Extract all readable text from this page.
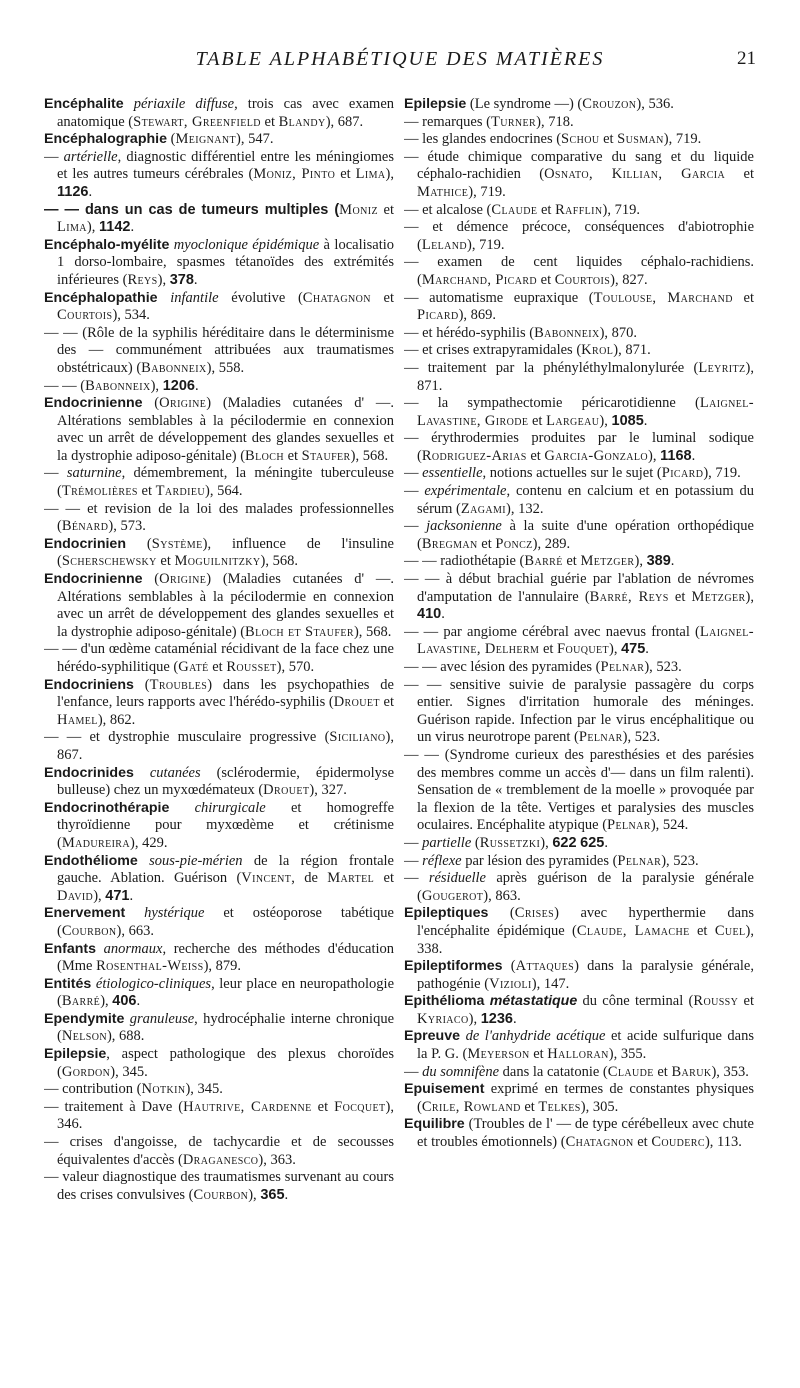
TABLE ALPHABÉTIQUE DES MATIÈRES	21

Encéphalite périaxile diffuse, trois cas avec examen anatomique (Stewart, Greenfield et Blandy), 687.

Encéphalographie (Meignant), 547.

— artérielle, diagnostic différentiel entre les méningiomes et les autres tumeurs cérébrales (Moniz, Pinto et Lima), 1126.

— — dans un cas de tumeurs multiples (Moniz et Lima), 1142.

Encéphalo-myélite myoclonique épidémique à localisatio 1 dorso-lombaire, spasmes tétanoïdes des extrémités inférieures (Reys), 378.

Encéphalopathie infantile évolutive (Chatagnon et Courtois), 534.

— — (Rôle de la syphilis héréditaire dans le déterminisme des — communément attribuées aux traumatismes obstétricaux) (Babonneix), 558.

— — (Babonneix), 1206.

Endocrinienne (Origine) (Maladies cutanées d' —. Altérations semblables à la pécilodermie en connexion avec un arrêt de développement des glandes sexuelles et la dystrophie adiposo-génitale) (Bloch et Staufer), 568.

— saturnine, démembrement, la méningite tuberculeuse (Trémolières et Tardieu), 564.

— — et revision de la loi des malades professionnelles (Bénard), 573.

Endocrinien (Système), influence de l'insuline (Scherschewsky et Moguilnitzky), 568.

Endocrinienne (Origine) (Maladies cutanées d' —. Altérations semblables à la pécilodermie en connexion avec un arrêt de développement des glandes sexuelles et la dystrophie adiposo-génitale) (Bloch et Staufer), 568.

— — d'un œdème cataménial récidivant de la face chez une hérédo-syphilitique (Gaté et Rousset), 570.

Endocriniens (Troubles) dans les psychopathies de l'enfance, leurs rapports avec l'hérédo-syphilis (Drouet et Hamel), 862.

— — et dystrophie musculaire progressive (Siciliano), 867.

Endocrinides cutanées (sclérodermie, épidermolyse bulleuse) chez un myxœdémateux (Drouet), 327.

Endocrinothérapie chirurgicale et homogreffe thyroïdienne pour myxœdème et crétinisme (Madureira), 429.

Endothéliome sous-pie-mérien de la région frontale gauche. Ablation. Guérison (Vincent, de Martel et David), 471.

Enervement hystérique et ostéoporose tabétique (Courbon), 663.

Enfants anormaux, recherche des méthodes d'éducation (Mme Rosenthal-Weiss), 879.

Entités étiologico-cliniques, leur place en neuropathologie (Barré), 406.

Ependymite granuleuse, hydrocéphalie interne chronique (Nelson), 688.

Epilepsie, aspect pathologique des plexus choroïdes (Gordon), 345.

— contribution (Notkin), 345.

— traitement à Dave (Hautrive, Cardenne et Focquet), 346.

— crises d'angoisse, de tachycardie et de secousses équivalentes d'accès (Draganesco), 363.

— valeur diagnostique des traumatismes survenant au cours des crises convulsives (Courbon), 365.

Epilepsie (Le syndrome —) (Crouzon), 536.

— remarques (Turner), 718.

— les glandes endocrines (Schou et Susman), 719.

— étude chimique comparative du sang et du liquide céphalo-rachidien (Osnato, Killian, Garcia et Mathice), 719.

— et alcalose (Claude et Rafflin), 719.

— et démence précoce, conséquences d'abiotrophie (Leland), 719.

— examen de cent liquides céphalo-rachidiens. (Marchand, Picard et Courtois), 827.

— automatisme eupraxique (Toulouse, Marchand et Picard), 869.

— et hérédo-syphilis (Babonneix), 870.

— et crises extrapyramidales (Krol), 871.

— traitement par la phényléthylmalonylurée (Leyritz), 871.

— la sympathectomie péricarotidienne (Laignel-Lavastine, Girode et Largeau), 1085.

— érythrodermies produites par le luminal sodique (Rodriguez-Arias et Garcia-Gonzalo), 1168.

— essentielle, notions actuelles sur le sujet (Picard), 719.

— expérimentale, contenu en calcium et en potassium du sérum (Zagami), 132.

— jacksonienne à la suite d'une opération orthopédique (Bregman et Poncz), 289.

— — radiothétapie (Barré et Metzger), 389.

— — à début brachial guérie par l'ablation de névromes d'amputation de l'annulaire (Barré, Reys et Metzger), 410.

— — par angiome cérébral avec naevus frontal (Laignel-Lavastine, Delherm et Fouquet), 475.

— — avec lésion des pyramides (Pelnar), 523.

— — sensitive suivie de paralysie passagère du corps entier. Signes d'irritation humorale des méninges. Guérison rapide. Infection par le virus encéphalitique ou un virus neurotrope parent (Pelnar), 523.

— — (Syndrome curieux des paresthésies et des parésies des membres comme un accès d'— dans un film ralenti). Sensation de « tremblement de la moelle » provoquée par la flexion de la tête. Vertiges et paralysies des muscles oculaires. Encéphalite atypique (Pelnar), 524.

— partielle (Russetzki), 622 625.

— réflexe par lésion des pyramides (Pelnar), 523.

— résiduelle après guérison de la paralysie générale (Gougerot), 863.

Epileptiques (Crises) avec hyperthermie dans l'encéphalite épidémique (Claude, Lamache et Cuel), 338.

Epileptiformes (Attaques) dans la paralysie générale, pathogénie (Vizioli), 147.

Epithélioma métastatique du cône terminal (Roussy et Kyriaco), 1236.

Epreuve de l'anhydride acétique et acide sulfurique dans la P. G. (Meyerson et Halloran), 355.

— du somnifène dans la catatonie (Claude et Baruk), 353.

Epuisement exprimé en termes de constantes physiques (Crile, Rowland et Telkes), 305.

Equilibre (Troubles de l' — de type cérébelleux avec chute et troubles émotionnels) (Chatagnon et Couderc), 113.
